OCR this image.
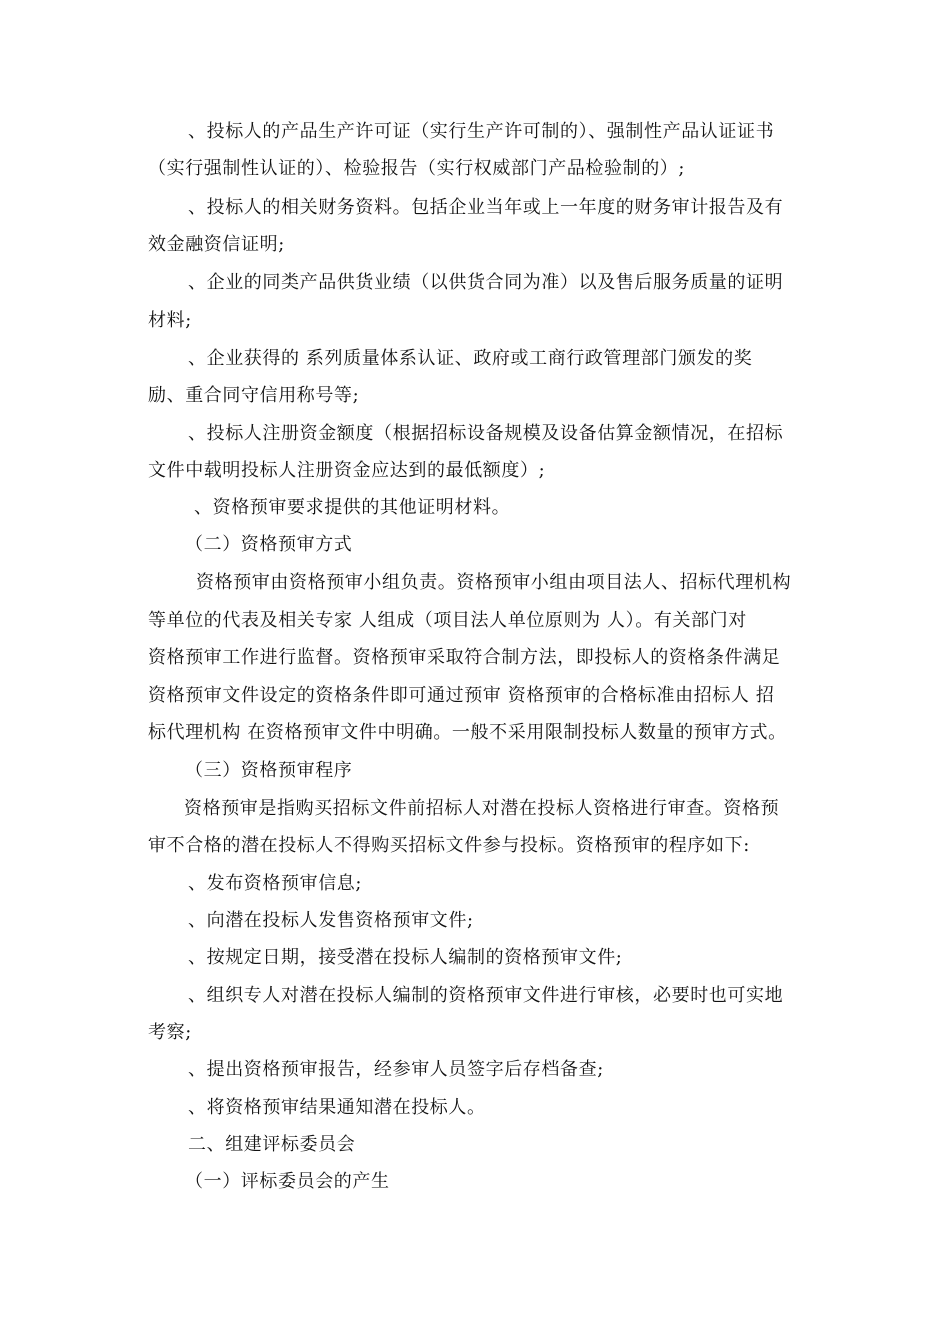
、投标人的产品生产许可证（实行生产许可制的）、强制性产品认证证书
（实行强制性认证的）、检验报告（实行权威部门产品检验制的）;
、投标人的相关财务资料。包括企业当年或上一年度的财务审计报告及有
效金融资信证明;
、企业的同类产品供货业绩（以供货合同为准）以及售后服务质量的证明
材料;
、企业获得的 系列质量体系认证、政府或工商行政管理部门颁发的奖
励、重合同守信用称号等;
、投标人注册资金额度（根据招标设备规模及设备估算金额情况，在招标
文件中载明投标人注册资金应达到的最低额度）;
、资格预审要求提供的其他证明材料。
（二）资格预审方式
资格预审由资格预审小组负责。资格预审小组由项目法人、招标代理机构
等单位的代表及相关专家 人组成（项目法人单位原则为 人）。有关部门对
资格预审工作进行监督。资格预审采取符合制方法，即投标人的资格条件满足
资格预审文件设定的资格条件即可通过预审 资格预审的合格标准由招标人 招
标代理机构 在资格预审文件中明确。一般不采用限制投标人数量的预审方式。
（三）资格预审程序
资格预审是指购买招标文件前招标人对潜在投标人资格进行审查。资格预
审不合格的潜在投标人不得购买招标文件参与投标。资格预审的程序如下:
、发布资格预审信息;
、向潜在投标人发售资格预审文件;
、按规定日期，接受潜在投标人编制的资格预审文件;
、组织专人对潜在投标人编制的资格预审文件进行审核，必要时也可实地
考察;
、提出资格预审报告，经参审人员签字后存档备查;
、将资格预审结果通知潜在投标人。
二、组建评标委员会
（一）评标委员会的产生
